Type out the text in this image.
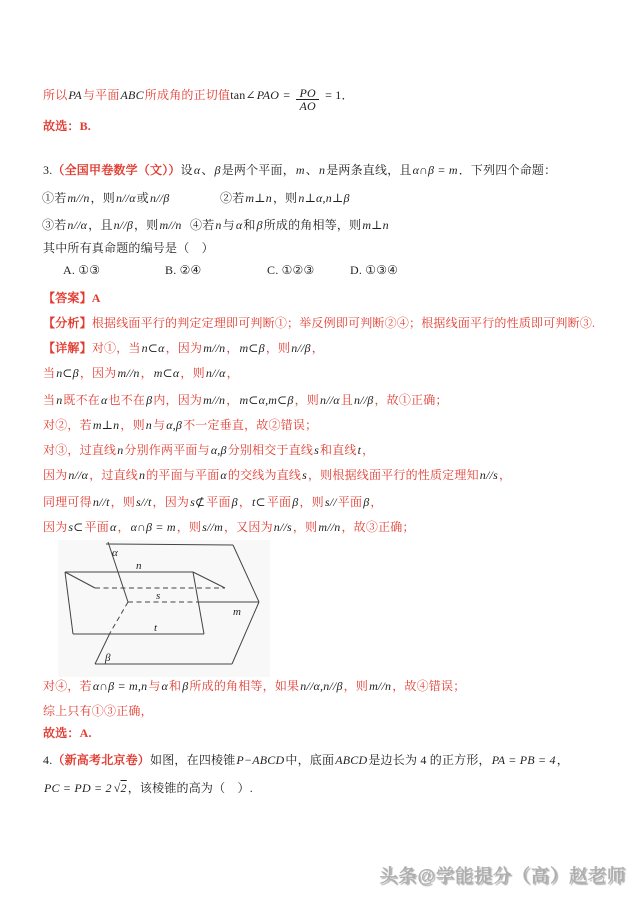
所以PA与平面ABC所成角的正切值tan∠PAO = $\frac{PO}{AO} = 1$．
故选：B.
3.（全国甲卷数学（文））设α、β是两个平面，m、n是两条直线，且α∩β = m．下列四个命题：
①若m//n，则n//α或n//β	②若m⊥n，则n⊥α,n⊥β
③若n//α，且n//β，则m//n ④若n与α和β所成的角相等，则m⊥n
其中所有真命题的编号是（　）
A. ①③	B. ②④	C. ①②③	D. ①③④
【答案】A
【分析】根据线面平行的判定定理即可判断①；举反例即可判断②④；根据线面平行的性质即可判断③.
【详解】对①，当n⊂α，因为m//n，m⊂β，则n//β，
当n⊂β，因为m//n，m⊂α，则n//α，
当n既不在α也不在β内，因为m//n，m⊂α,m⊂β，则n//α且n//β，故①正确；
对②，若m⊥n，则n与α,β不一定垂直，故②错误；
对③，过直线n分别作两平面与α,β分别相交于直线s和直线t，
因为n//α，过直线n的平面与平面α的交线为直线s，则根据线面平行的性质定理知n//s，
同理可得n//t，则s//t，因为s⊄平面β，t⊂平面β，则s//平面β，
因为s⊂平面α，α∩β = m，则s//m，又因为n//s，则m//n，故③正确；
α
n
s
m
t
β
对④，若α∩β = m,n与α和β所成的角相等，如果n//α,n//β，则m//n，故④错误；
综上只有①③正确，
故选：A.
4.（新高考北京卷）如图，在四棱锥P−ABCD中，底面ABCD是边长为 4 的正方形，PA = PB = 4，
PC = PD = 2 √2，该棱锥的高为（　）.
头条@学能提分（高）赵老师
